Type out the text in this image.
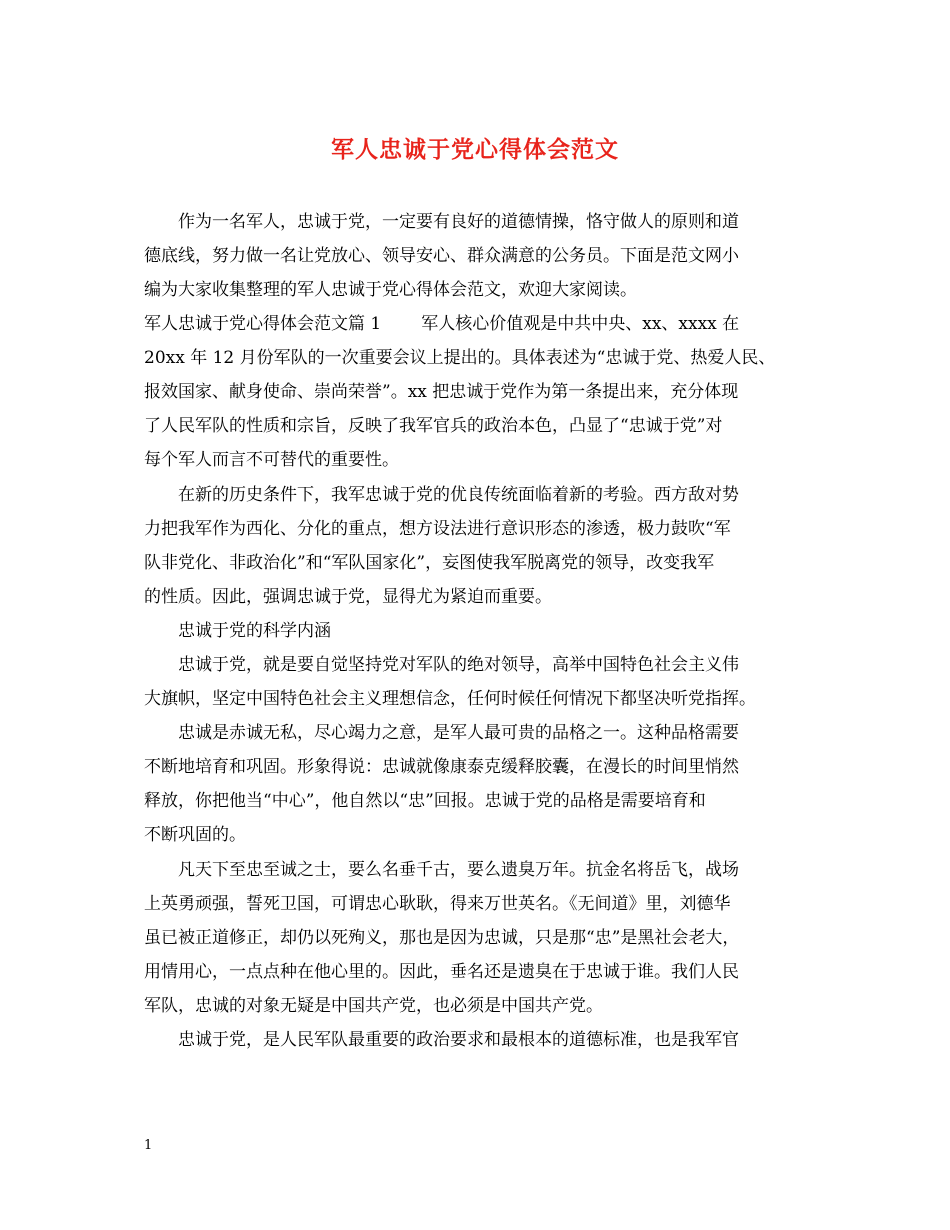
军人忠诚于党心得体会范文
作为一名军人，忠诚于党，一定要有良好的道德情操，恪守做人的原则和道
德底线，努力做一名让党放心、领导安心、群众满意的公务员。下面是范文网小
编为大家收集整理的军人忠诚于党心得体会范文，欢迎大家阅读。
军人忠诚于党心得体会范文篇 1 军人核心价值观是中共中央、xx、xxxx 在
20xx 年 12 月份军队的一次重要会议上提出的。具体表述为“忠诚于党、热爱人民、
报效国家、献身使命、崇尚荣誉”。xx 把忠诚于党作为第一条提出来，充分体现
了人民军队的性质和宗旨，反映了我军官兵的政治本色，凸显了“忠诚于党”对
每个军人而言不可替代的重要性。
在新的历史条件下，我军忠诚于党的优良传统面临着新的考验。西方敌对势
力把我军作为西化、分化的重点，想方设法进行意识形态的渗透，极力鼓吹“军
队非党化、非政治化”和“军队国家化”，妄图使我军脱离党的领导，改变我军
的性质。因此，强调忠诚于党，显得尤为紧迫而重要。
忠诚于党的科学内涵
忠诚于党，就是要自觉坚持党对军队的绝对领导，高举中国特色社会主义伟
大旗帜，坚定中国特色社会主义理想信念，任何时候任何情况下都坚决听党指挥。
忠诚是赤诚无私，尽心竭力之意，是军人最可贵的品格之一。这种品格需要
不断地培育和巩固。形象得说：忠诚就像康泰克缓释胶囊，在漫长的时间里悄然
释放，你把他当“中心”，他自然以“忠”回报。忠诚于党的品格是需要培育和
不断巩固的。
凡天下至忠至诚之士，要么名垂千古，要么遗臭万年。抗金名将岳飞，战场
上英勇顽强，誓死卫国，可谓忠心耿耿，得来万世英名。《无间道》里，刘德华
虽已被正道修正，却仍以死殉义，那也是因为忠诚，只是那“忠”是黑社会老大，
用情用心，一点点种在他心里的。因此，垂名还是遗臭在于忠诚于谁。我们人民
军队，忠诚的对象无疑是中国共产党，也必须是中国共产党。
忠诚于党，是人民军队最重要的政治要求和最根本的道德标准，也是我军官
1
